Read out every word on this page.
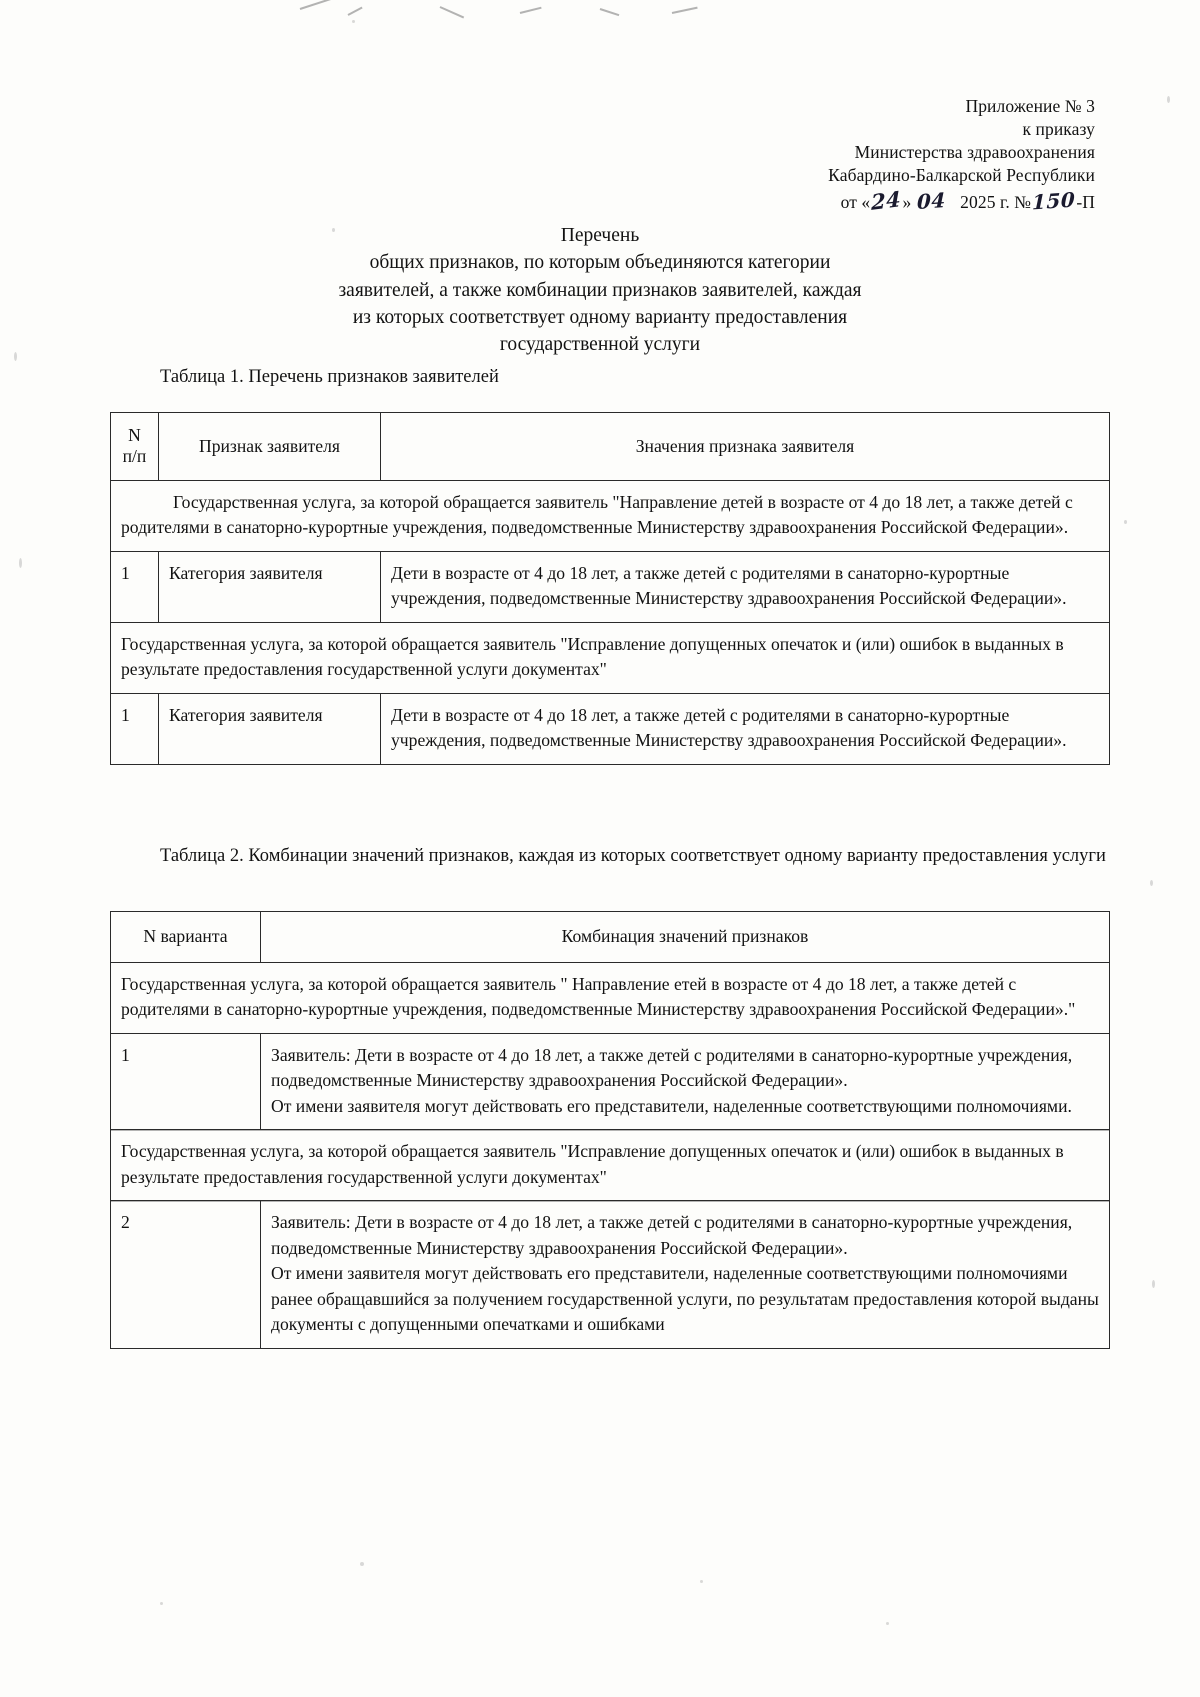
Приложение № 3
к приказу
Министерства здравоохранения
Кабардино-Балкарской Республики
от «24» 04 2025 г. №150-П
Перечень
общих признаков, по которым объединяются категории
заявителей, а также комбинации признаков заявителей, каждая
из которых соответствует одному варианту предоставления
государственной услуги
Таблица 1. Перечень признаков заявителей
N
п/п	Признак заявителя	Значения признака заявителя
Государственная услуга, за которой обращается заявитель "Направление детей в возрасте от 4 до 18 лет, а также детей с родителями в санаторно-курортные учреждения, подведомственные Министерству здравоохранения Российской Федерации».		
1	Категория заявителя	Дети в возрасте от 4 до 18 лет, а также детей с родителями в санаторно-курортные учреждения, подведомственные Министерству здравоохранения Российской Федерации».
Государственная услуга, за которой обращается заявитель "Исправление допущенных опечаток и (или) ошибок в выданных в результате предоставления государственной услуги документах"		
1	Категория заявителя	Дети в возрасте от 4 до 18 лет, а также детей с родителями в санаторно-курортные учреждения, подведомственные Министерству здравоохранения Российской Федерации».
Таблица 2. Комбинации значений признаков, каждая из которых соответствует одному варианту предоставления услуги
N варианта	Комбинация значений признаков
Государственная услуга, за которой обращается заявитель " Направление етей в возрасте от 4 до 18 лет, а также детей с родителями в санаторно-курортные учреждения, подведомственные Министерству здравоохранения Российской Федерации»."	
1	Заявитель: Дети в возрасте от 4 до 18 лет, а также детей с родителями в санаторно-курортные учреждения, подведомственные Министерству здравоохранения Российской Федерации».

От имени заявителя могут действовать его представители, наделенные соответствующими полномочиями.

Государственная услуга, за которой обращается заявитель "Исправление допущенных опечаток и (или) ошибок в выданных в результате предоставления государственной услуги документах"	
2	Заявитель: Дети в возрасте от 4 до 18 лет, а также детей с родителями в санаторно-курортные учреждения, подведомственные Министерству здравоохранения Российской Федерации».

От имени заявителя могут действовать его представители, наделенные соответствующими полномочиями ранее обращавшийся за получением государственной услуги, по результатам предоставления которой выданы документы с допущенными опечатками и ошибками
